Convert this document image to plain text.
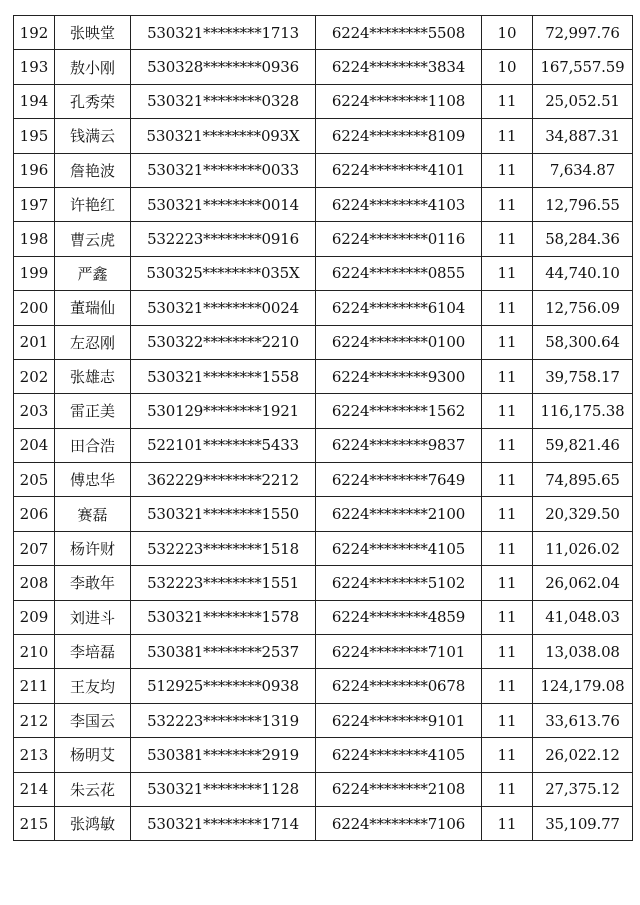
192	张映堂	530321********1713	6224********5508	10	72,997.76
193	敖小刚	530328********0936	6224********3834	10	167,557.59
194	孔秀荣	530321********0328	6224********1108	11	25,052.51
195	钱满云	530321********093X	6224********8109	11	34,887.31
196	詹艳波	530321********0033	6224********4101	11	7,634.87
197	许艳红	530321********0014	6224********4103	11	12,796.55
198	曹云虎	532223********0916	6224********0116	11	58,284.36
199	严鑫	530325********035X	6224********0855	11	44,740.10
200	董瑞仙	530321********0024	6224********6104	11	12,756.09
201	左忍刚	530322********2210	6224********0100	11	58,300.64
202	张雄志	530321********1558	6224********9300	11	39,758.17
203	雷正美	530129********1921	6224********1562	11	116,175.38
204	田合浩	522101********5433	6224********9837	11	59,821.46
205	傅忠华	362229********2212	6224********7649	11	74,895.65
206	赛磊	530321********1550	6224********2100	11	20,329.50
207	杨许财	532223********1518	6224********4105	11	11,026.02
208	李敢年	532223********1551	6224********5102	11	26,062.04
209	刘进斗	530321********1578	6224********4859	11	41,048.03
210	李培磊	530381********2537	6224********7101	11	13,038.08
211	王友均	512925********0938	6224********0678	11	124,179.08
212	李国云	532223********1319	6224********9101	11	33,613.76
213	杨明艾	530381********2919	6224********4105	11	26,022.12
214	朱云花	530321********1128	6224********2108	11	27,375.12
215	张鸿敏	530321********1714	6224********7106	11	35,109.77
